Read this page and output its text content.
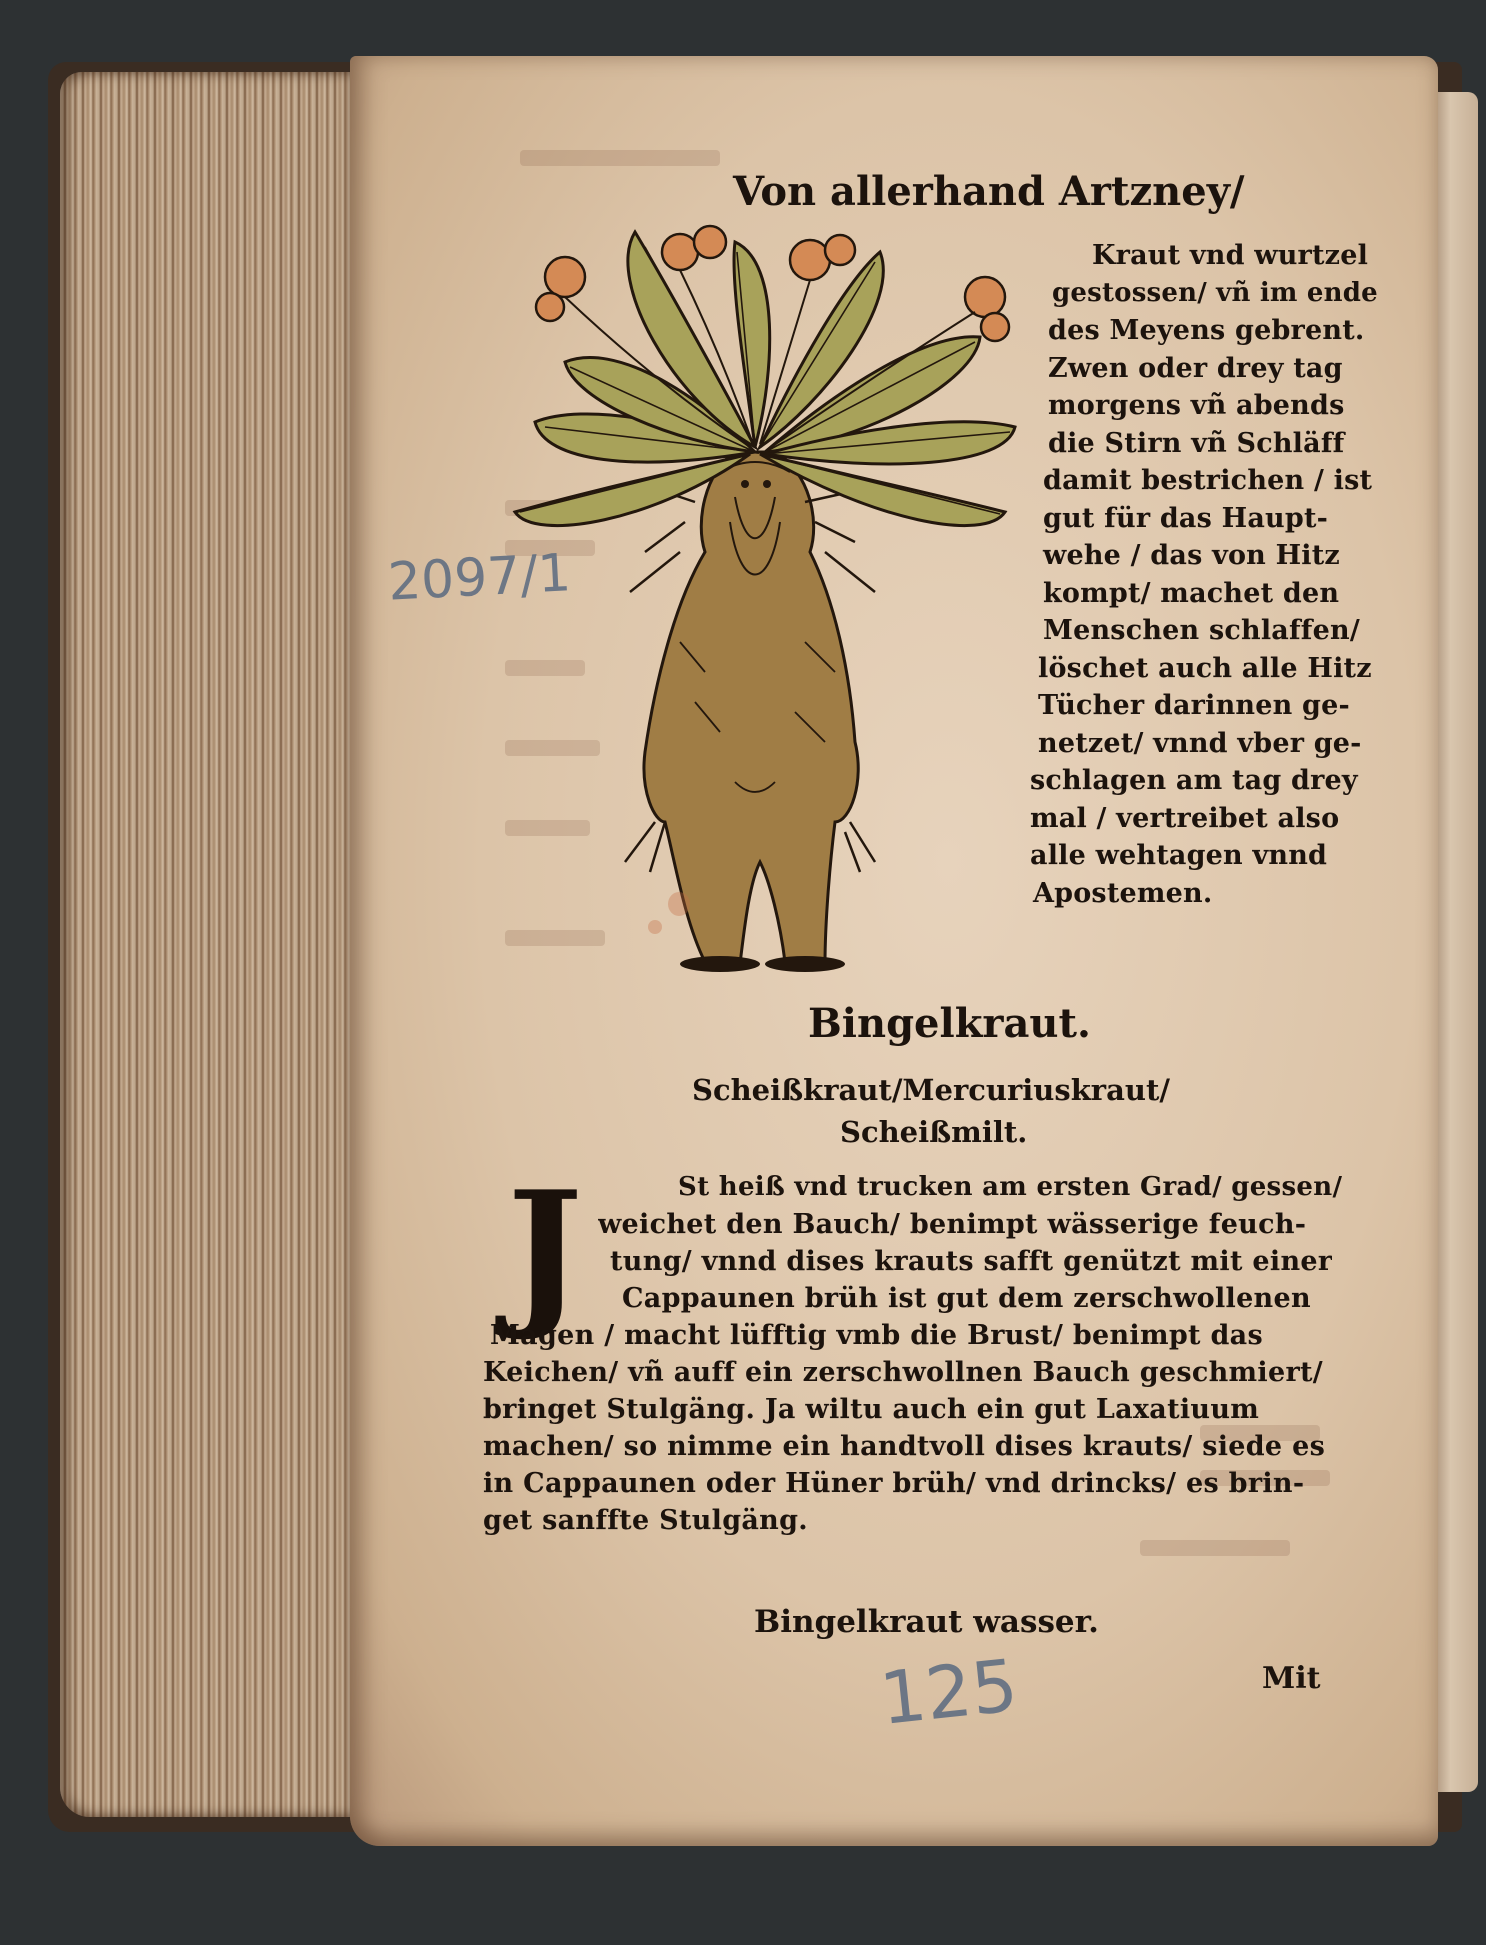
Von allerhand Artzney/
Kraut vnd wurtzel
gestossen/ vñ im ende
des Meyens gebrent.
Zwen oder drey tag
morgens vñ abends
die Stirn vñ Schläff
damit bestrichen / ist
gut für das Haupt-
wehe / das von Hitz
kompt/ machet den
Menschen schlaffen/
löschet auch alle Hitz
Tücher darinnen ge-
netzet/ vnnd vber ge-
schlagen am tag drey
mal / vertreibet also
alle wehtagen vnnd
Apostemen.
2097/1
Bingelkraut.
Scheißkraut/Mercuriuskraut/
Scheißmilt.
J	St heiß vnd trucken am ersten Grad/ gessen/
weichet den Bauch/ benimpt wässerige feuch-
tung/ vnnd dises krauts safft genützt mit einer
Cappaunen brüh ist gut dem zerschwollenen
Magen / macht lüfftig vmb die Brust/ benimpt das
Keichen/ vñ auff ein zerschwollnen Bauch geschmiert/
bringet Stulgäng. Ja wiltu auch ein gut Laxatiuum
machen/ so nimme ein handtvoll dises krauts/ siede es
in Cappaunen oder Hüner brüh/ vnd drincks/ es brin-
get sanffte Stulgäng.
Bingelkraut wasser.
125	Mit
